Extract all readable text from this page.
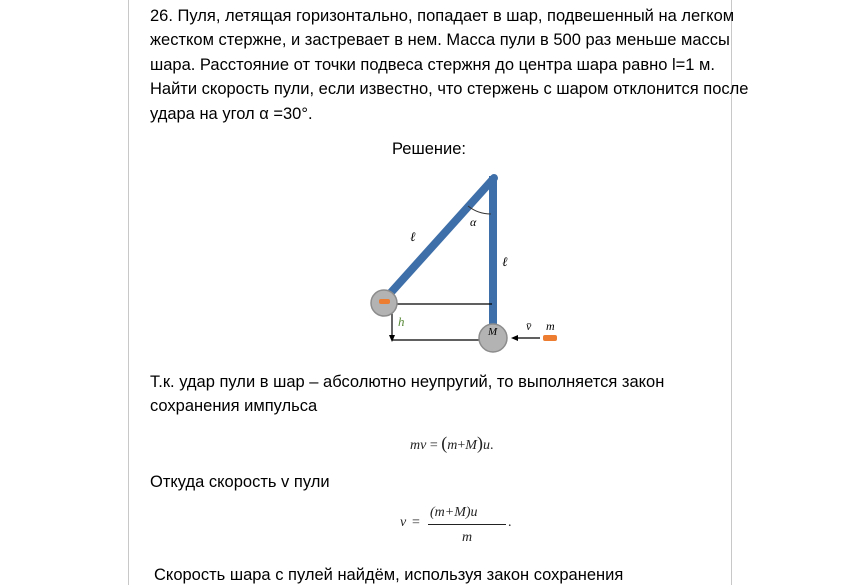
26. Пуля, летящая горизонтально, попадает в шар, подвешенный на легком жестком стержне, и застревает в нем. Масса пули в 500 раз меньше массы шара. Расстояние от точки подвеса стержня до центра шара равно l=1 м. Найти скорость пули, если известно, что стержень с шаром отклонится после удара на угол α =30°.

Решение:

ℓ
ℓ
α
h
M v̄ m

Т.к. удар пули в шар – абсолютно неупругий, то выполняется закон сохранения импульса

mv = (m+M)u.

Откуда скорость v пули

v =
(m+M)u
m
.

Скорость шара с пулей найдём, используя закон сохранения
